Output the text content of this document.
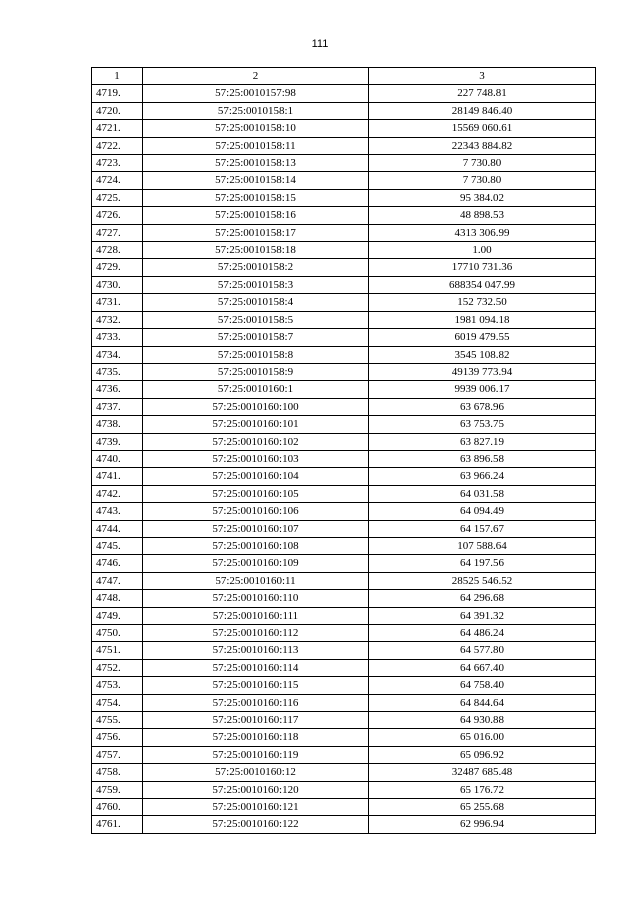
111
1	2	3
4719.	57:25:0010157:98	227 748.81
4720.	57:25:0010158:1	28149 846.40
4721.	57:25:0010158:10	15569 060.61
4722.	57:25:0010158:11	22343 884.82
4723.	57:25:0010158:13	7 730.80
4724.	57:25:0010158:14	7 730.80
4725.	57:25:0010158:15	95 384.02
4726.	57:25:0010158:16	48 898.53
4727.	57:25:0010158:17	4313 306.99
4728.	57:25:0010158:18	1.00
4729.	57:25:0010158:2	17710 731.36
4730.	57:25:0010158:3	688354 047.99
4731.	57:25:0010158:4	152 732.50
4732.	57:25:0010158:5	1981 094.18
4733.	57:25:0010158:7	6019 479.55
4734.	57:25:0010158:8	3545 108.82
4735.	57:25:0010158:9	49139 773.94
4736.	57:25:0010160:1	9939 006.17
4737.	57:25:0010160:100	63 678.96
4738.	57:25:0010160:101	63 753.75
4739.	57:25:0010160:102	63 827.19
4740.	57:25:0010160:103	63 896.58
4741.	57:25:0010160:104	63 966.24
4742.	57:25:0010160:105	64 031.58
4743.	57:25:0010160:106	64 094.49
4744.	57:25:0010160:107	64 157.67
4745.	57:25:0010160:108	107 588.64
4746.	57:25:0010160:109	64 197.56
4747.	57:25:0010160:11	28525 546.52
4748.	57:25:0010160:110	64 296.68
4749.	57:25:0010160:111	64 391.32
4750.	57:25:0010160:112	64 486.24
4751.	57:25:0010160:113	64 577.80
4752.	57:25:0010160:114	64 667.40
4753.	57:25:0010160:115	64 758.40
4754.	57:25:0010160:116	64 844.64
4755.	57:25:0010160:117	64 930.88
4756.	57:25:0010160:118	65 016.00
4757.	57:25:0010160:119	65 096.92
4758.	57:25:0010160:12	32487 685.48
4759.	57:25:0010160:120	65 176.72
4760.	57:25:0010160:121	65 255.68
4761.	57:25:0010160:122	62 996.94
